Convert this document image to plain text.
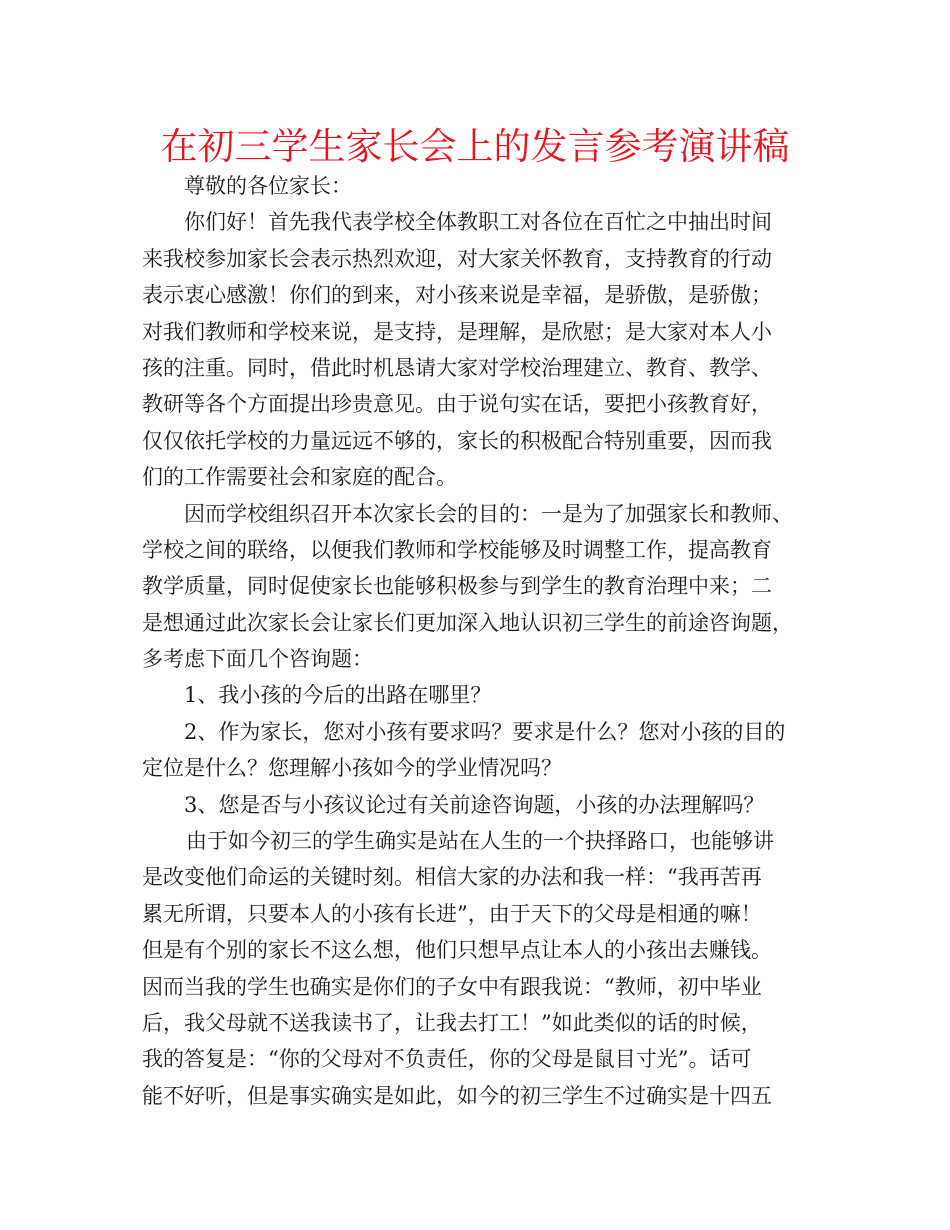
在初三学生家长会上的发言参考演讲稿
尊敬的各位家长：
你们好！首先我代表学校全体教职工对各位在百忙之中抽出时间
来我校参加家长会表示热烈欢迎，对大家关怀教育，支持教育的行动
表示衷心感激！你们的到来，对小孩来说是幸福，是骄傲，是骄傲；
对我们教师和学校来说，是支持，是理解，是欣慰；是大家对本人小
孩的注重。同时，借此时机恳请大家对学校治理建立、教育、教学、
教研等各个方面提出珍贵意见。由于说句实在话，要把小孩教育好，
仅仅依托学校的力量远远不够的，家长的积极配合特别重要，因而我
们的工作需要社会和家庭的配合。
因而学校组织召开本次家长会的目的：一是为了加强家长和教师、
学校之间的联络，以便我们教师和学校能够及时调整工作，提高教育
教学质量，同时促使家长也能够积极参与到学生的教育治理中来；二
是想通过此次家长会让家长们更加深入地认识初三学生的前途咨询题，
多考虑下面几个咨询题：
1、我小孩的今后的出路在哪里？
2、作为家长，您对小孩有要求吗？要求是什么？您对小孩的目的
定位是什么？您理解小孩如今的学业情况吗？
3、您是否与小孩议论过有关前途咨询题，小孩的办法理解吗？
由于如今初三的学生确实是站在人生的一个抉择路口，也能够讲
是改变他们命运的关键时刻。相信大家的办法和我一样：“我再苦再
累无所谓，只要本人的小孩有长进”，由于天下的父母是相通的嘛！
但是有个别的家长不这么想，他们只想早点让本人的小孩出去赚钱。
因而当我的学生也确实是你们的子女中有跟我说：“教师，初中毕业
后，我父母就不送我读书了，让我去打工！”如此类似的话的时候，
我的答复是：“你的父母对不负责任，你的父母是鼠目寸光”。话可
能不好听，但是事实确实是如此，如今的初三学生不过确实是十四五
